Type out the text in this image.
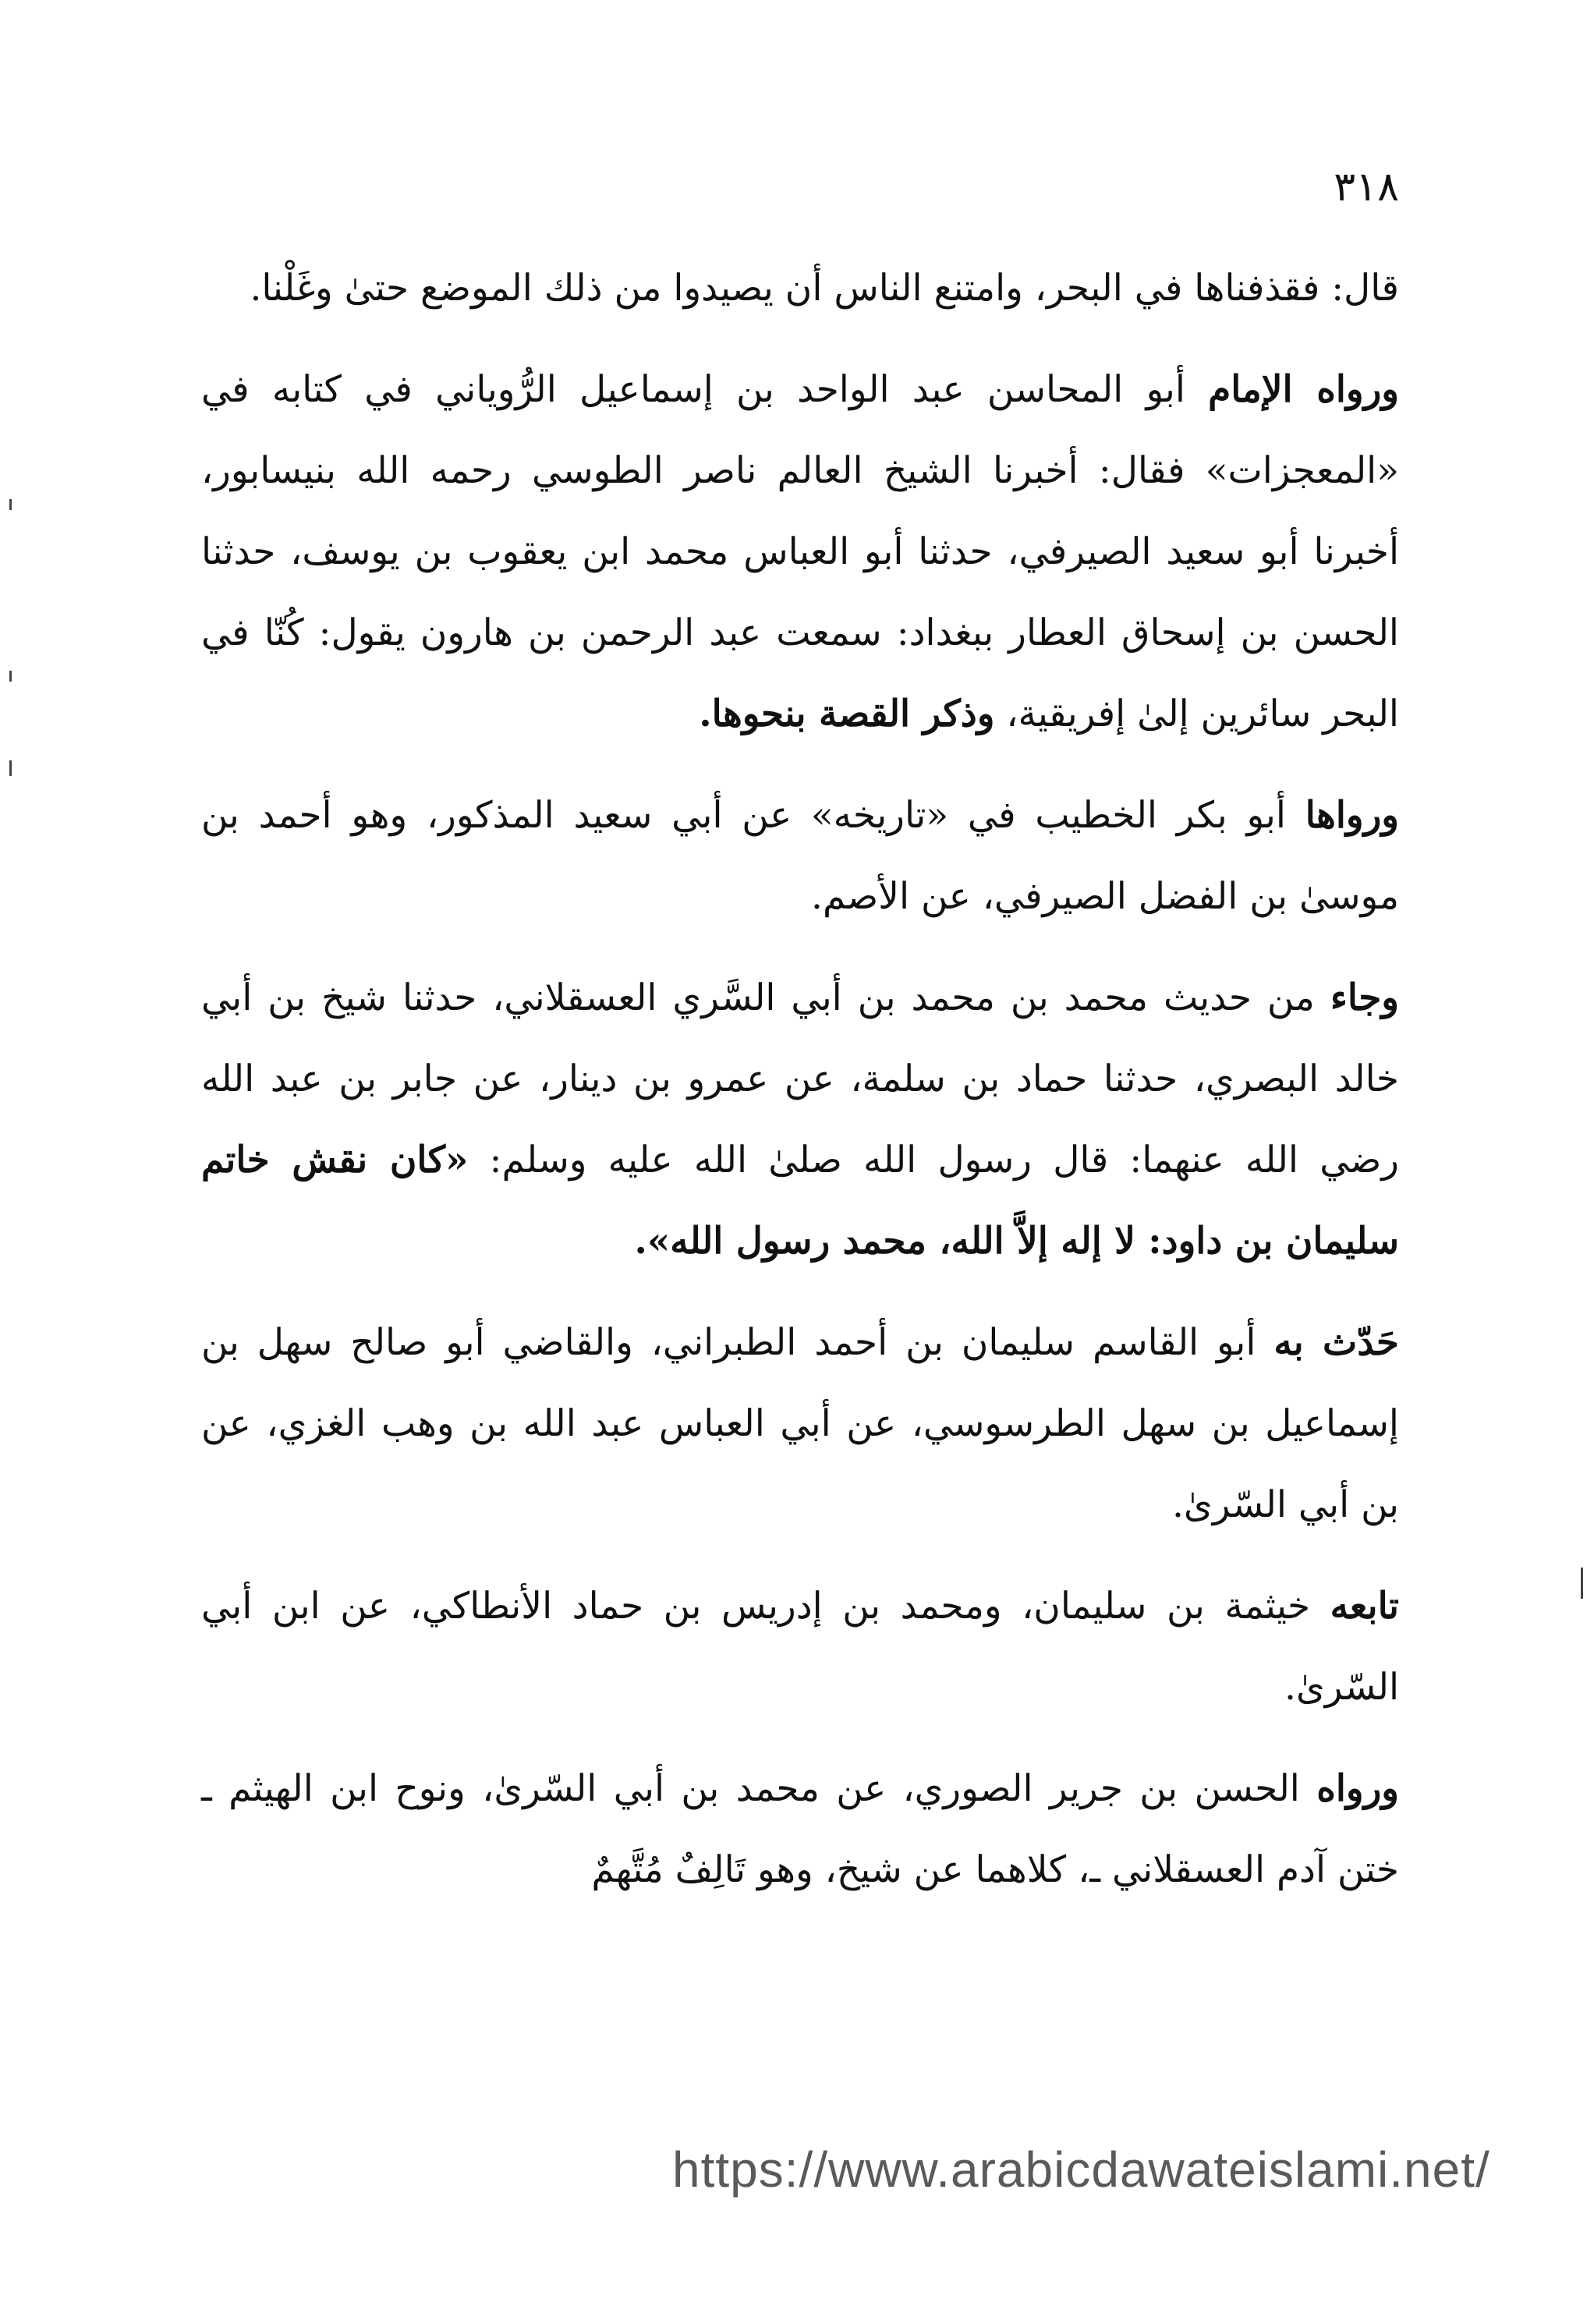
٣١٨

قال: فقذفناها في البحر، وامتنع الناس أن يصيدوا من ذلك الموضع حتىٰ وغَلْنا.

ورواه الإمام أبو المحاسن عبد الواحد بن إسماعيل الرُّوياني في كتابه في «المعجزات» فقال: أخبرنا الشيخ العالم ناصر الطوسي رحمه الله بنيسابور، أخبرنا أبو سعيد الصيرفي، حدثنا أبو العباس محمد ابن يعقوب بن يوسف، حدثنا الحسن بن إسحاق العطار ببغداد: سمعت عبد الرحمن بن هارون يقول: كُنّا في البحر سائرين إلىٰ إفريقية، وذكر القصة بنحوها.

ورواها أبو بكر الخطيب في «تاريخه» عن أبي سعيد المذكور، وهو أحمد بن موسىٰ بن الفضل الصيرفي، عن الأصم.

وجاء من حديث محمد بن محمد بن أبي السَّري العسقلاني، حدثنا شيخ بن أبي خالد البصري، حدثنا حماد بن سلمة، عن عمرو بن دينار، عن جابر بن عبد الله رضي الله عنهما: قال رسول الله صلىٰ الله عليه وسلم: «كان نقش خاتم سليمان بن داود: لا إله إلاَّ الله، محمد رسول الله».

حَدّث به أبو القاسم سليمان بن أحمد الطبراني، والقاضي أبو صالح سهل بن إسماعيل بن سهل الطرسوسي، عن أبي العباس عبد الله بن وهب الغزي، عن بن أبي السّرىٰ.

تابعه خيثمة بن سليمان، ومحمد بن إدريس بن حماد الأنطاكي، عن ابن أبي السّرىٰ.

ورواه الحسن بن جرير الصوري، عن محمد بن أبي السّرىٰ، ونوح ابن الهيثم ـ ختن آدم العسقلاني ـ، كلاهما عن شيخ، وهو تَالِفٌ مُتَّهمٌ

https://www.arabicdawateislami.net/
